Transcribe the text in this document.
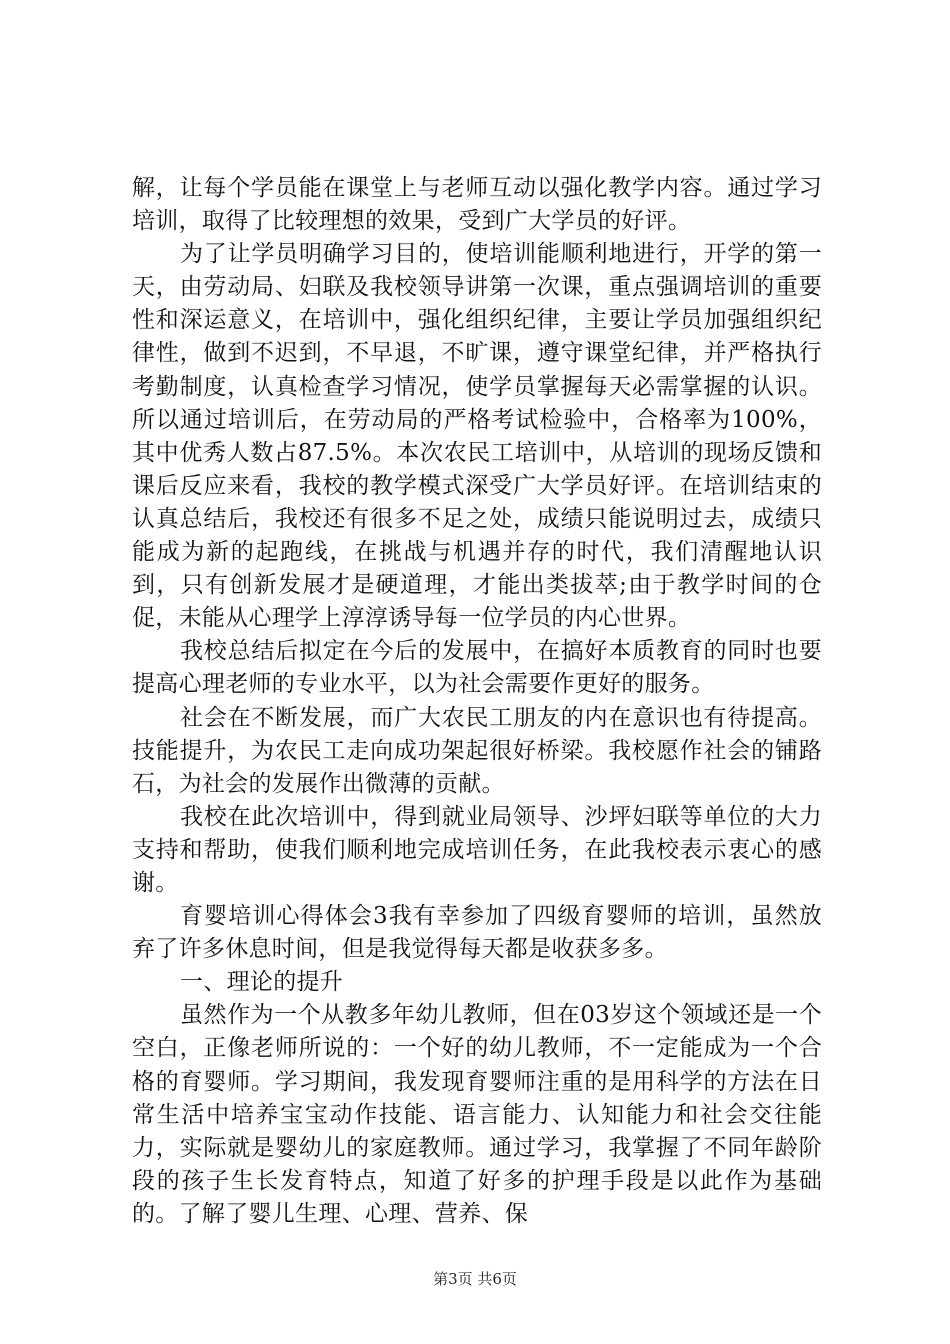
解，让每个学员能在课堂上与老师互动以强化教学内容。通过学习培训，取得了比较理想的效果，受到广大学员的好评。

为了让学员明确学习目的，使培训能顺利地进行，开学的第一天，由劳动局、妇联及我校领导讲第一次课，重点强调培训的重要性和深运意义，在培训中，强化组织纪律，主要让学员加强组织纪律性，做到不迟到，不早退，不旷课，遵守课堂纪律，并严格执行考勤制度，认真检查学习情况，使学员掌握每天必需掌握的认识。所以通过培训后，在劳动局的严格考试检验中，合格率为100%，其中优秀人数占87.5%。本次农民工培训中，从培训的现场反馈和课后反应来看，我校的教学模式深受广大学员好评。在培训结束的认真总结后，我校还有很多不足之处，成绩只能说明过去，成绩只能成为新的起跑线，在挑战与机遇并存的时代，我们清醒地认识到，只有创新发展才是硬道理，才能出类拔萃;由于教学时间的仓促，未能从心理学上淳淳诱导每一位学员的内心世界。

我校总结后拟定在今后的发展中，在搞好本质教育的同时也要提高心理老师的专业水平，以为社会需要作更好的服务。

社会在不断发展，而广大农民工朋友的内在意识也有待提高。技能提升，为农民工走向成功架起很好桥梁。我校愿作社会的铺路石，为社会的发展作出微薄的贡献。

我校在此次培训中，得到就业局领导、沙坪妇联等单位的大力支持和帮助，使我们顺利地完成培训任务，在此我校表示衷心的感谢。

育婴培训心得体会3我有幸参加了四级育婴师的培训，虽然放弃了许多休息时间，但是我觉得每天都是收获多多。

一、理论的提升

虽然作为一个从教多年幼儿教师，但在03岁这个领域还是一个空白，正像老师所说的：一个好的幼儿教师，不一定能成为一个合格的育婴师。学习期间，我发现育婴师注重的是用科学的方法在日常生活中培养宝宝动作技能、语言能力、认知能力和社会交往能力，实际就是婴幼儿的家庭教师。通过学习，我掌握了不同年龄阶段的孩子生长发育特点，知道了好多的护理手段是以此作为基础的。了解了婴儿生理、心理、营养、保

第3页 共6页
